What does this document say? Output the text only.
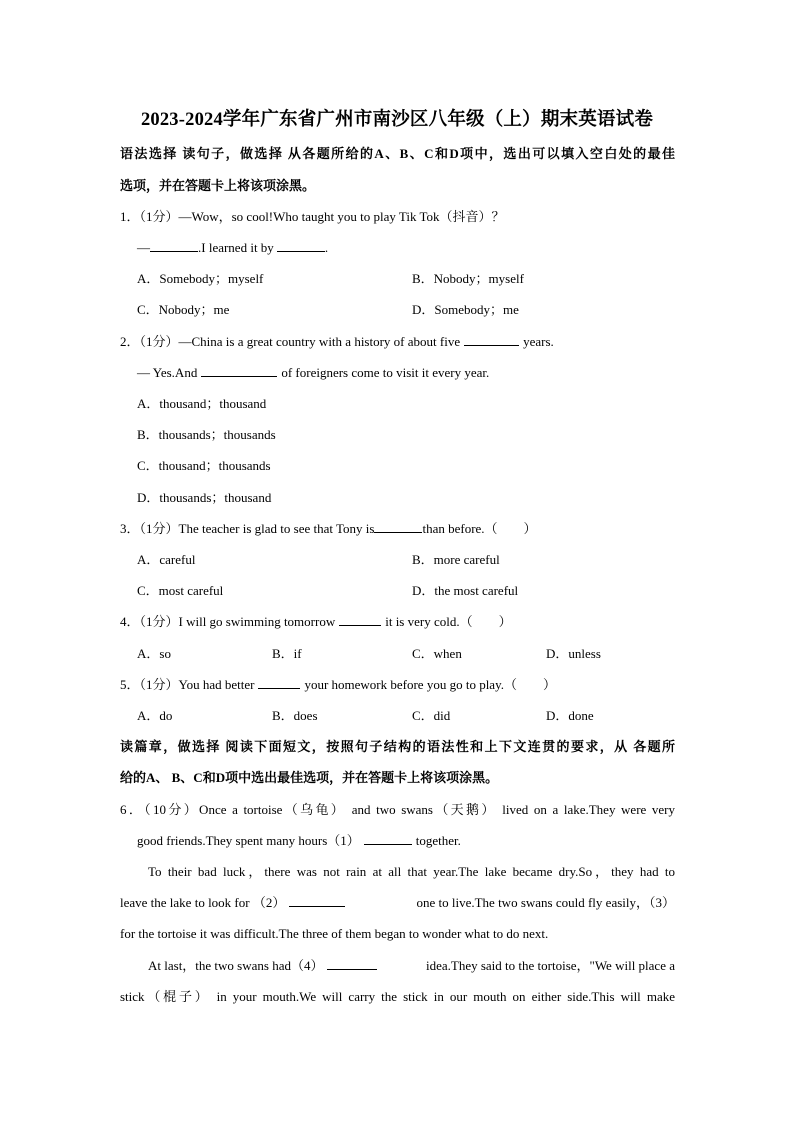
2023-2024学年广东省广州市南沙区八年级（上）期末英语试卷
语法选择 读句子，做选择 从各题所给的A、B、C和D项中，选出可以填入空白处的最佳
选项，并在答题卡上将该项涂黑。
1．（1分）—Wow，so cool!Who taught you to play Tik Tok（抖音）？
—	.I learned it by	.
A．Somebody；myself	B．Nobody；myself
C．Nobody；me	D．Somebody；me
2．（1分）—China is a great country with a history of about five	years.
— Yes.And	of foreigners come to visit it every year.
A．thousand；thousand
B．thousands；thousands
C．thousand；thousands
D．thousands；thousand
3．（1分）The teacher is glad to see that Tony is	than before.（　　）
A．careful	B．more careful
C．most careful	D．the most careful
4．（1分）I will go swimming tomorrow	it is very cold.（　　）
A．so	B．if	C．when	D．unless
5．（1分）You had better	your homework before you go to play.（　　）
A．do	B．does	C．did	D．done
读篇章，做选择 阅读下面短文，按照句子结构的语法性和上下文连贯的要求，从 各题所
给的A、 B、C和D项中选出最佳选项，并在答题卡上将该项涂黑。
6．（10分）Once a tortoise（乌龟） and two swans（天鹅） lived on a lake.They were very
good friends.They spent many hours（1）	together.
To their bad luck，there was not rain at all that year.The lake became dry.So，they had to
leave the lake to look for （2）	one to live.The two swans could fly easily，（3）
for the tortoise it was difficult.The three of them began to wonder what to do next.
At last，the two swans had（4）	idea.They said to the tortoise，"We will place a
stick（棍子） in your mouth.We will carry the stick in our mouth on either side.This will make
